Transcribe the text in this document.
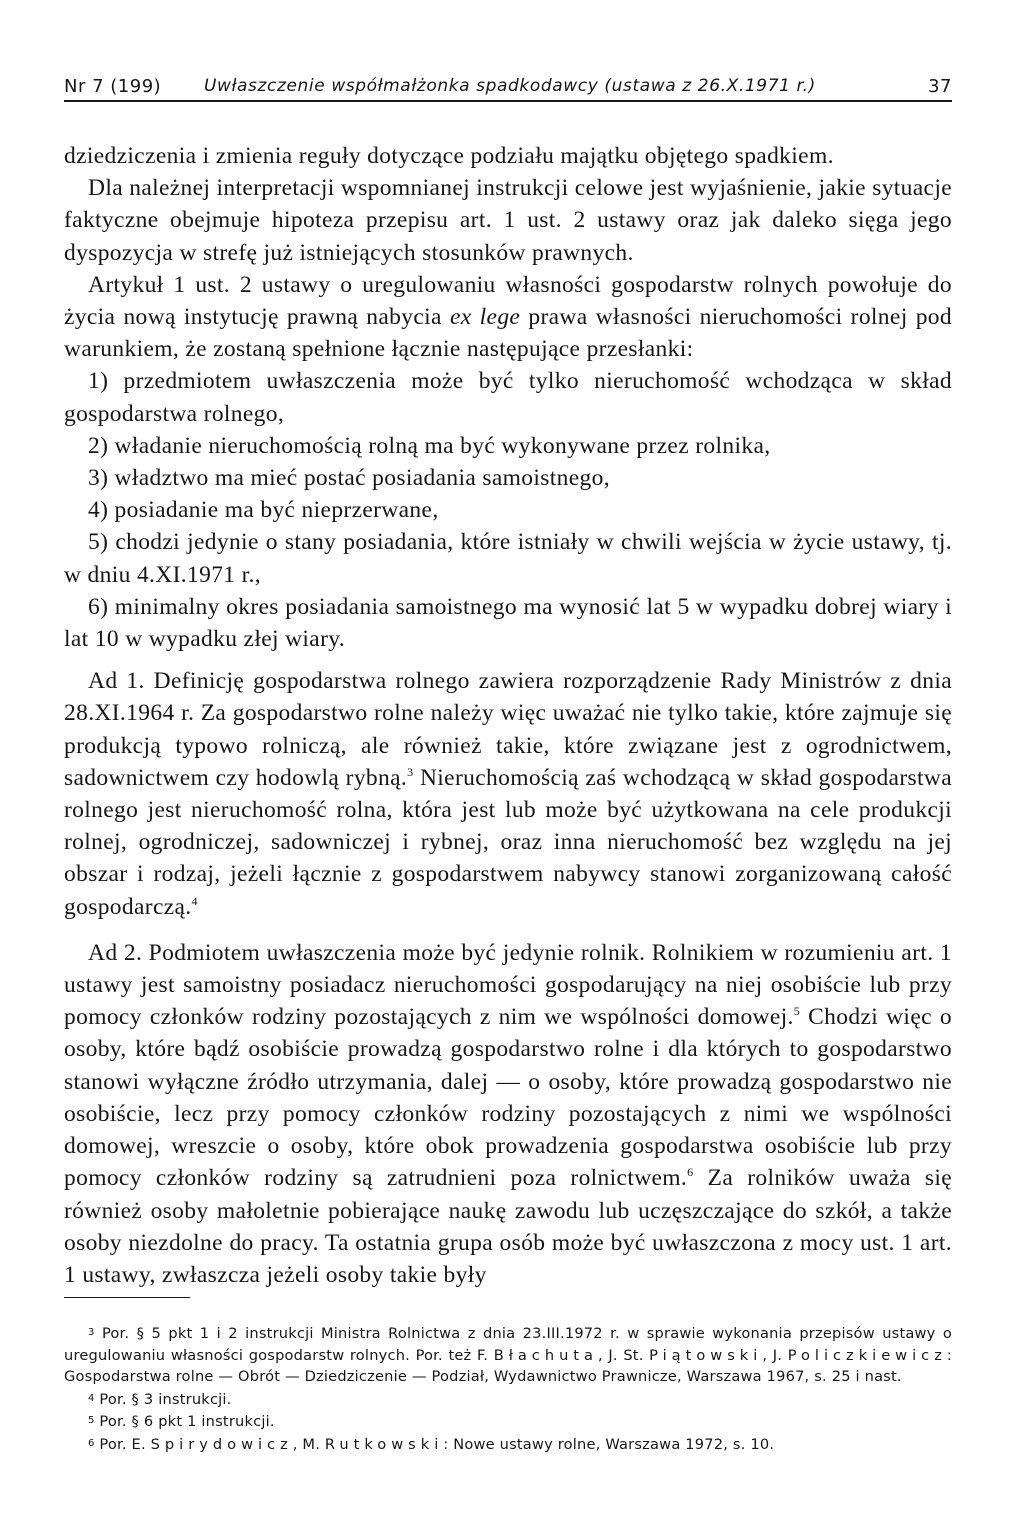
Nr 7 (199)	Uwłaszczenie współmałżonka spadkodawcy (ustawa z 26.X.1971 r.)	37

dziedziczenia i zmienia reguły dotyczące podziału majątku objętego spadkiem.

Dla należnej interpretacji wspomnianej instrukcji celowe jest wyjaśnienie, jakie sytuacje faktyczne obejmuje hipoteza przepisu art. 1 ust. 2 ustawy oraz jak daleko sięga jego dyspozycja w strefę już istniejących stosunków prawnych.

Artykuł 1 ust. 2 ustawy o uregulowaniu własności gospodarstw rolnych powołuje do życia nową instytucję prawną nabycia ex lege prawa własności nieruchomości rolnej pod warunkiem, że zostaną spełnione łącznie następujące przesłanki:

1) przedmiotem uwłaszczenia może być tylko nieruchomość wchodząca w skład gospodarstwa rolnego,

2) władanie nieruchomością rolną ma być wykonywane przez rolnika,

3) władztwo ma mieć postać posiadania samoistnego,

4) posiadanie ma być nieprzerwane,

5) chodzi jedynie o stany posiadania, które istniały w chwili wejścia w życie ustawy, tj. w dniu 4.XI.1971 r.,

6) minimalny okres posiadania samoistnego ma wynosić lat 5 w wypadku dobrej wiary i lat 10 w wypadku złej wiary.

Ad 1. Definicję gospodarstwa rolnego zawiera rozporządzenie Rady Ministrów z dnia 28.XI.1964 r. Za gospodarstwo rolne należy więc uważać nie tylko takie, które zajmuje się produkcją typowo rolniczą, ale również takie, które związane jest z ogrodnictwem, sadownictwem czy hodowlą rybną.$^3$ Nieruchomością zaś wchodzącą w skład gospodarstwa rolnego jest nieruchomość rolna, która jest lub może być użytkowana na cele produkcji rolnej, ogrodniczej, sadowniczej i rybnej, oraz inna nieruchomość bez względu na jej obszar i rodzaj, jeżeli łącznie z gospodarstwem nabywcy stanowi zorganizowaną całość gospodarczą.$^4$

Ad 2. Podmiotem uwłaszczenia może być jedynie rolnik. Rolnikiem w rozumieniu art. 1 ustawy jest samoistny posiadacz nieruchomości gospodarujący na niej osobiście lub przy pomocy członków rodziny pozostających z nim we wspólności domowej.$^5$ Chodzi więc o osoby, które bądź osobiście prowadzą gospodarstwo rolne i dla których to gospodarstwo stanowi wyłączne źródło utrzymania, dalej — o osoby, które prowadzą gospodarstwo nie osobiście, lecz przy pomocy członków rodziny pozostających z nimi we wspólności domowej, wreszcie o osoby, które obok prowadzenia gospodarstwa osobiście lub przy pomocy członków rodziny są zatrudnieni poza rolnictwem.$^6$ Za rolników uważa się również osoby małoletnie pobierające naukę zawodu lub uczęszczające do szkół, a także osoby niezdolne do pracy. Ta ostatnia grupa osób może być uwłaszczona z mocy ust. 1 art. 1 ustawy, zwłaszcza jeżeli osoby takie były

$^3$ Por. § 5 pkt 1 i 2 instrukcji Ministra Rolnictwa z dnia 23.III.1972 r. w sprawie wykonania przepisów ustawy o uregulowaniu własności gospodarstw rolnych. Por. też F. Błachuta, J. St. Piątowski, J. Policzkiewicz: Gospodarstwa rolne — Obrót — Dziedziczenie — Podział, Wydawnictwo Prawnicze, Warszawa 1967, s. 25 i nast.

$^4$ Por. § 3 instrukcji.

$^5$ Por. § 6 pkt 1 instrukcji.

$^6$ Por. E. Spirydowicz, M. Rutkowski: Nowe ustawy rolne, Warszawa 1972, s. 10.
